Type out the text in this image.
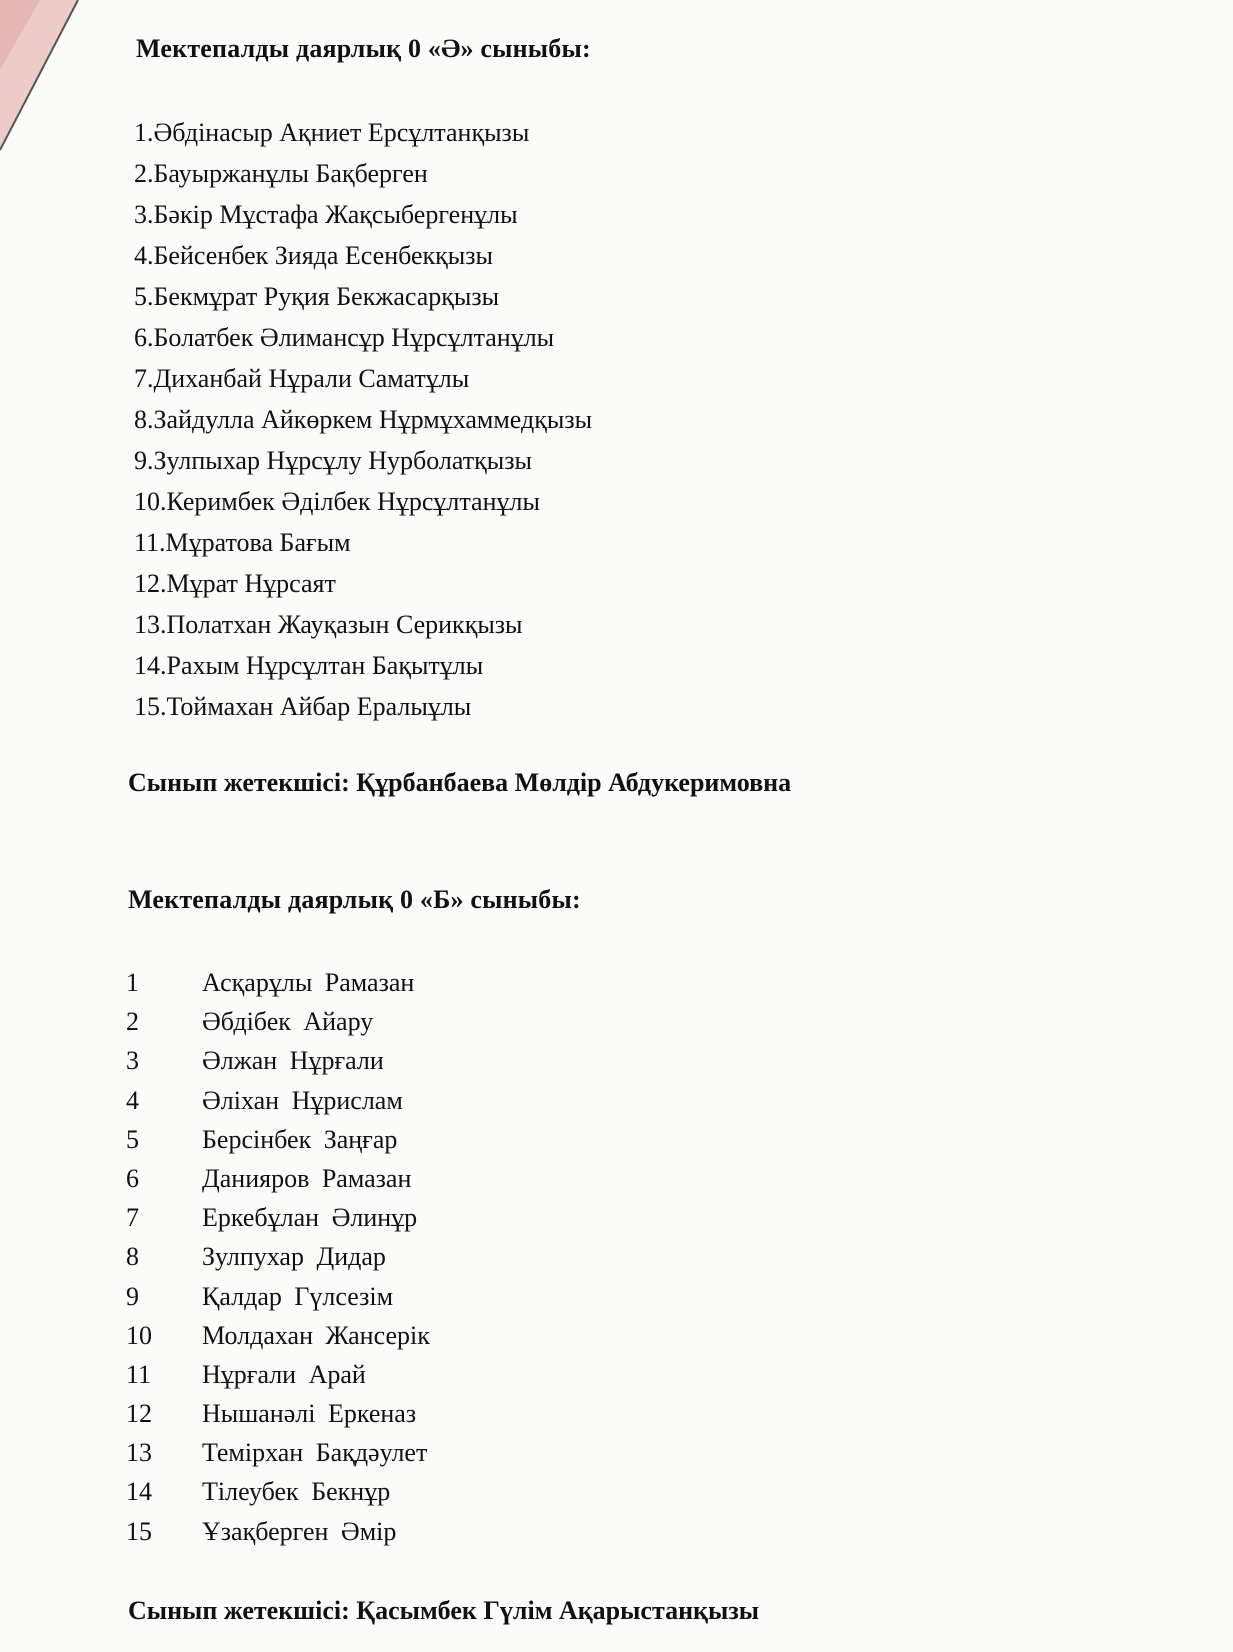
Мектепалды даярлық 0 «Ә» сыныбы:
1.Әбдінасыр Ақниет Ерсұлтанқызы
2.Бауыржанұлы Бақберген
3.Бәкір Мұстафа Жақсыбергенұлы
4.Бейсенбек Зияда Есенбекқызы
5.Бекмұрат Руқия Бекжасарқызы
6.Болатбек Әлимансұр Нұрсұлтанұлы
7.Диханбай Нұрали Саматұлы
8.Зайдулла Айкөркем Нұрмұхаммедқызы
9.Зулпыхар Нұрсұлу Нурболатқызы
10.Керимбек Әділбек Нұрсұлтанұлы
11.Мұратова Бағым
12.Мұрат Нұрсаят
13.Полатхан Жауқазын Серикқызы
14.Рахым Нұрсұлтан Бақытұлы
15.Тоймахан Айбар Ералыұлы
Сынып жетекшісі: Құрбанбаева Мөлдір Абдукеримовна
Мектепалды даярлық 0 «Б» сыныбы:
1	Асқарұлы Рамазан
2	Әбдібек Айару
3	Әлжан Нұрғали
4	Әліхан Нұрислам
5	Берсінбек Заңғар
6	Данияров Рамазан
7	Еркебұлан Әлинұр
8	Зулпухар Дидар
9	Қалдар Гүлсезім
10	Молдахан Жансерік
11	Нұрғали Арай
12	Нышанәлі Еркеназ
13	Темірхан Бақдәулет
14	Тілеубек Бекнұр
15	Ұзақберген Әмір
Сынып жетекшісі: Қасымбек Гүлім Ақарыстанқызы
